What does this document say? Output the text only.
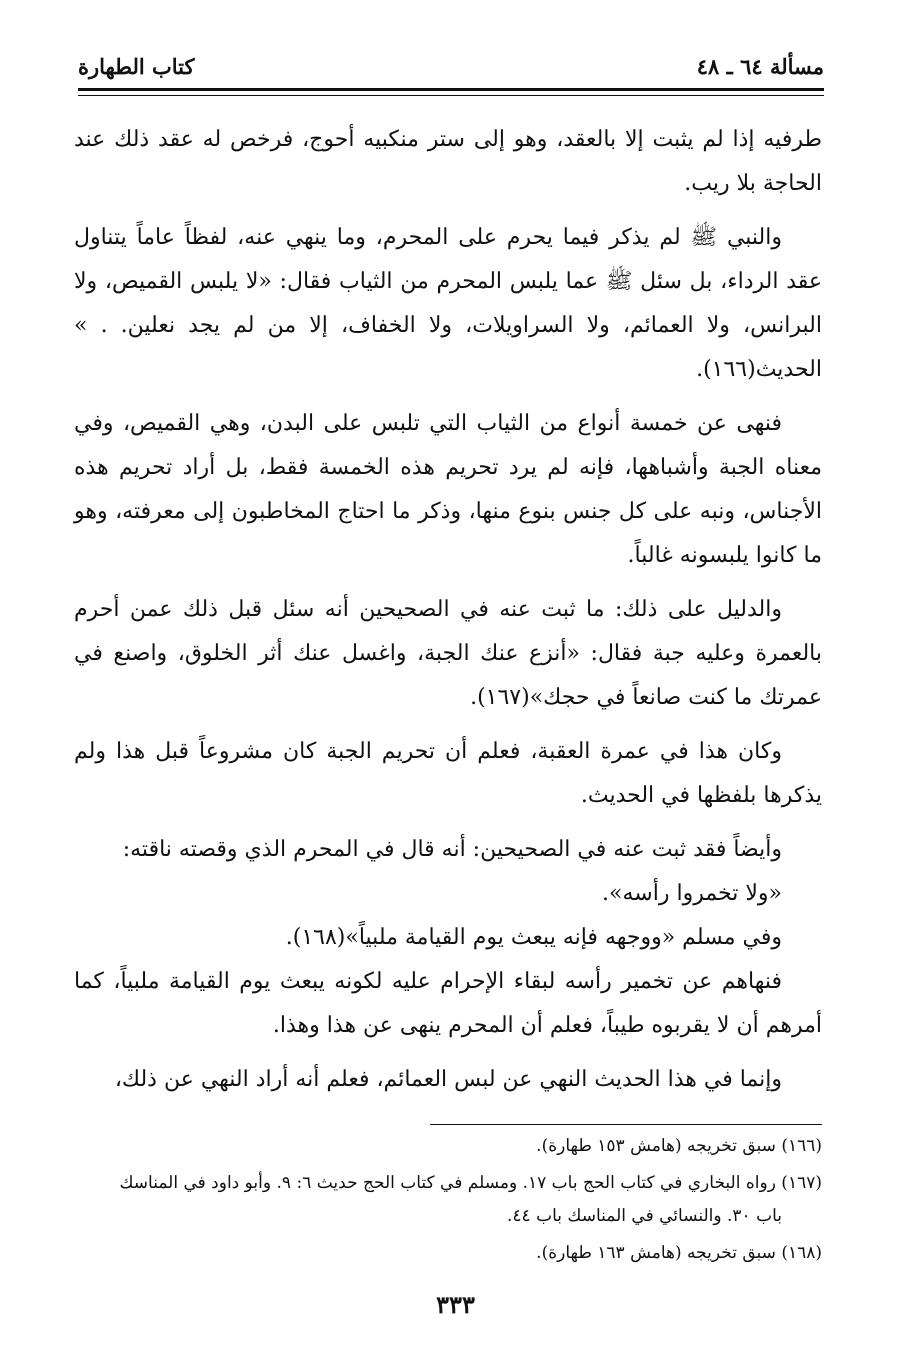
مسألة ٦٤ ـ ٤٨
كتاب الطهارة

طرفيه إذا لم يثبت إلا بالعقد، وهو إلى ستر منكبيه أحوج، فرخص له عقد ذلك عند الحاجة بلا ريب.

والنبي ﷺ لم يذكر فيما يحرم على المحرم، وما ينهي عنه، لفظاً عاماً يتناول عقد الرداء، بل سئل ﷺ عما يلبس المحرم من الثياب فقال: «لا يلبس القميص، ولا البرانس، ولا العمائم، ولا السراويلات، ولا الخفاف، إلا من لم يجد نعلين. . » الحديث(١٦٦).

فنهى عن خمسة أنواع من الثياب التي تلبس على البدن، وهي القميص، وفي معناه الجبة وأشباهها، فإنه لم يرد تحريم هذه الخمسة فقط، بل أراد تحريم هذه الأجناس، ونبه على كل جنس بنوع منها، وذكر ما احتاج المخاطبون إلى معرفته، وهو ما كانوا يلبسونه غالباً.

والدليل على ذلك: ما ثبت عنه في الصحيحين أنه سئل قبل ذلك عمن أحرم بالعمرة وعليه جبة فقال: «أنزع عنك الجبة، واغسل عنك أثر الخلوق، واصنع في عمرتك ما كنت صانعاً في حجك»(١٦٧).

وكان هذا في عمرة العقبة، فعلم أن تحريم الجبة كان مشروعاً قبل هذا ولم يذكرها بلفظها في الحديث.

وأيضاً فقد ثبت عنه في الصحيحين: أنه قال في المحرم الذي وقصته ناقته:

«ولا تخمروا رأسه».

وفي مسلم «ووجهه فإنه يبعث يوم القيامة ملبياً»(١٦٨).

فنهاهم عن تخمير رأسه لبقاء الإحرام عليه لكونه يبعث يوم القيامة ملبياً، كما أمرهم أن لا يقربوه طيباً، فعلم أن المحرم ينهى عن هذا وهذا.

وإنما في هذا الحديث النهي عن لبس العمائم، فعلم أنه أراد النهي عن ذلك،

(١٦٦) سبق تخريجه (هامش ١٥٣ طهارة).

(١٦٧) رواه البخاري في كتاب الحج باب ١٧. ومسلم في كتاب الحج حديث ٦: ٩. وأبو داود في المناسك

باب ٣٠. والنسائي في المناسك باب ٤٤.

(١٦٨) سبق تخريجه (هامش ١٦٣ طهارة).

٣٣٣
